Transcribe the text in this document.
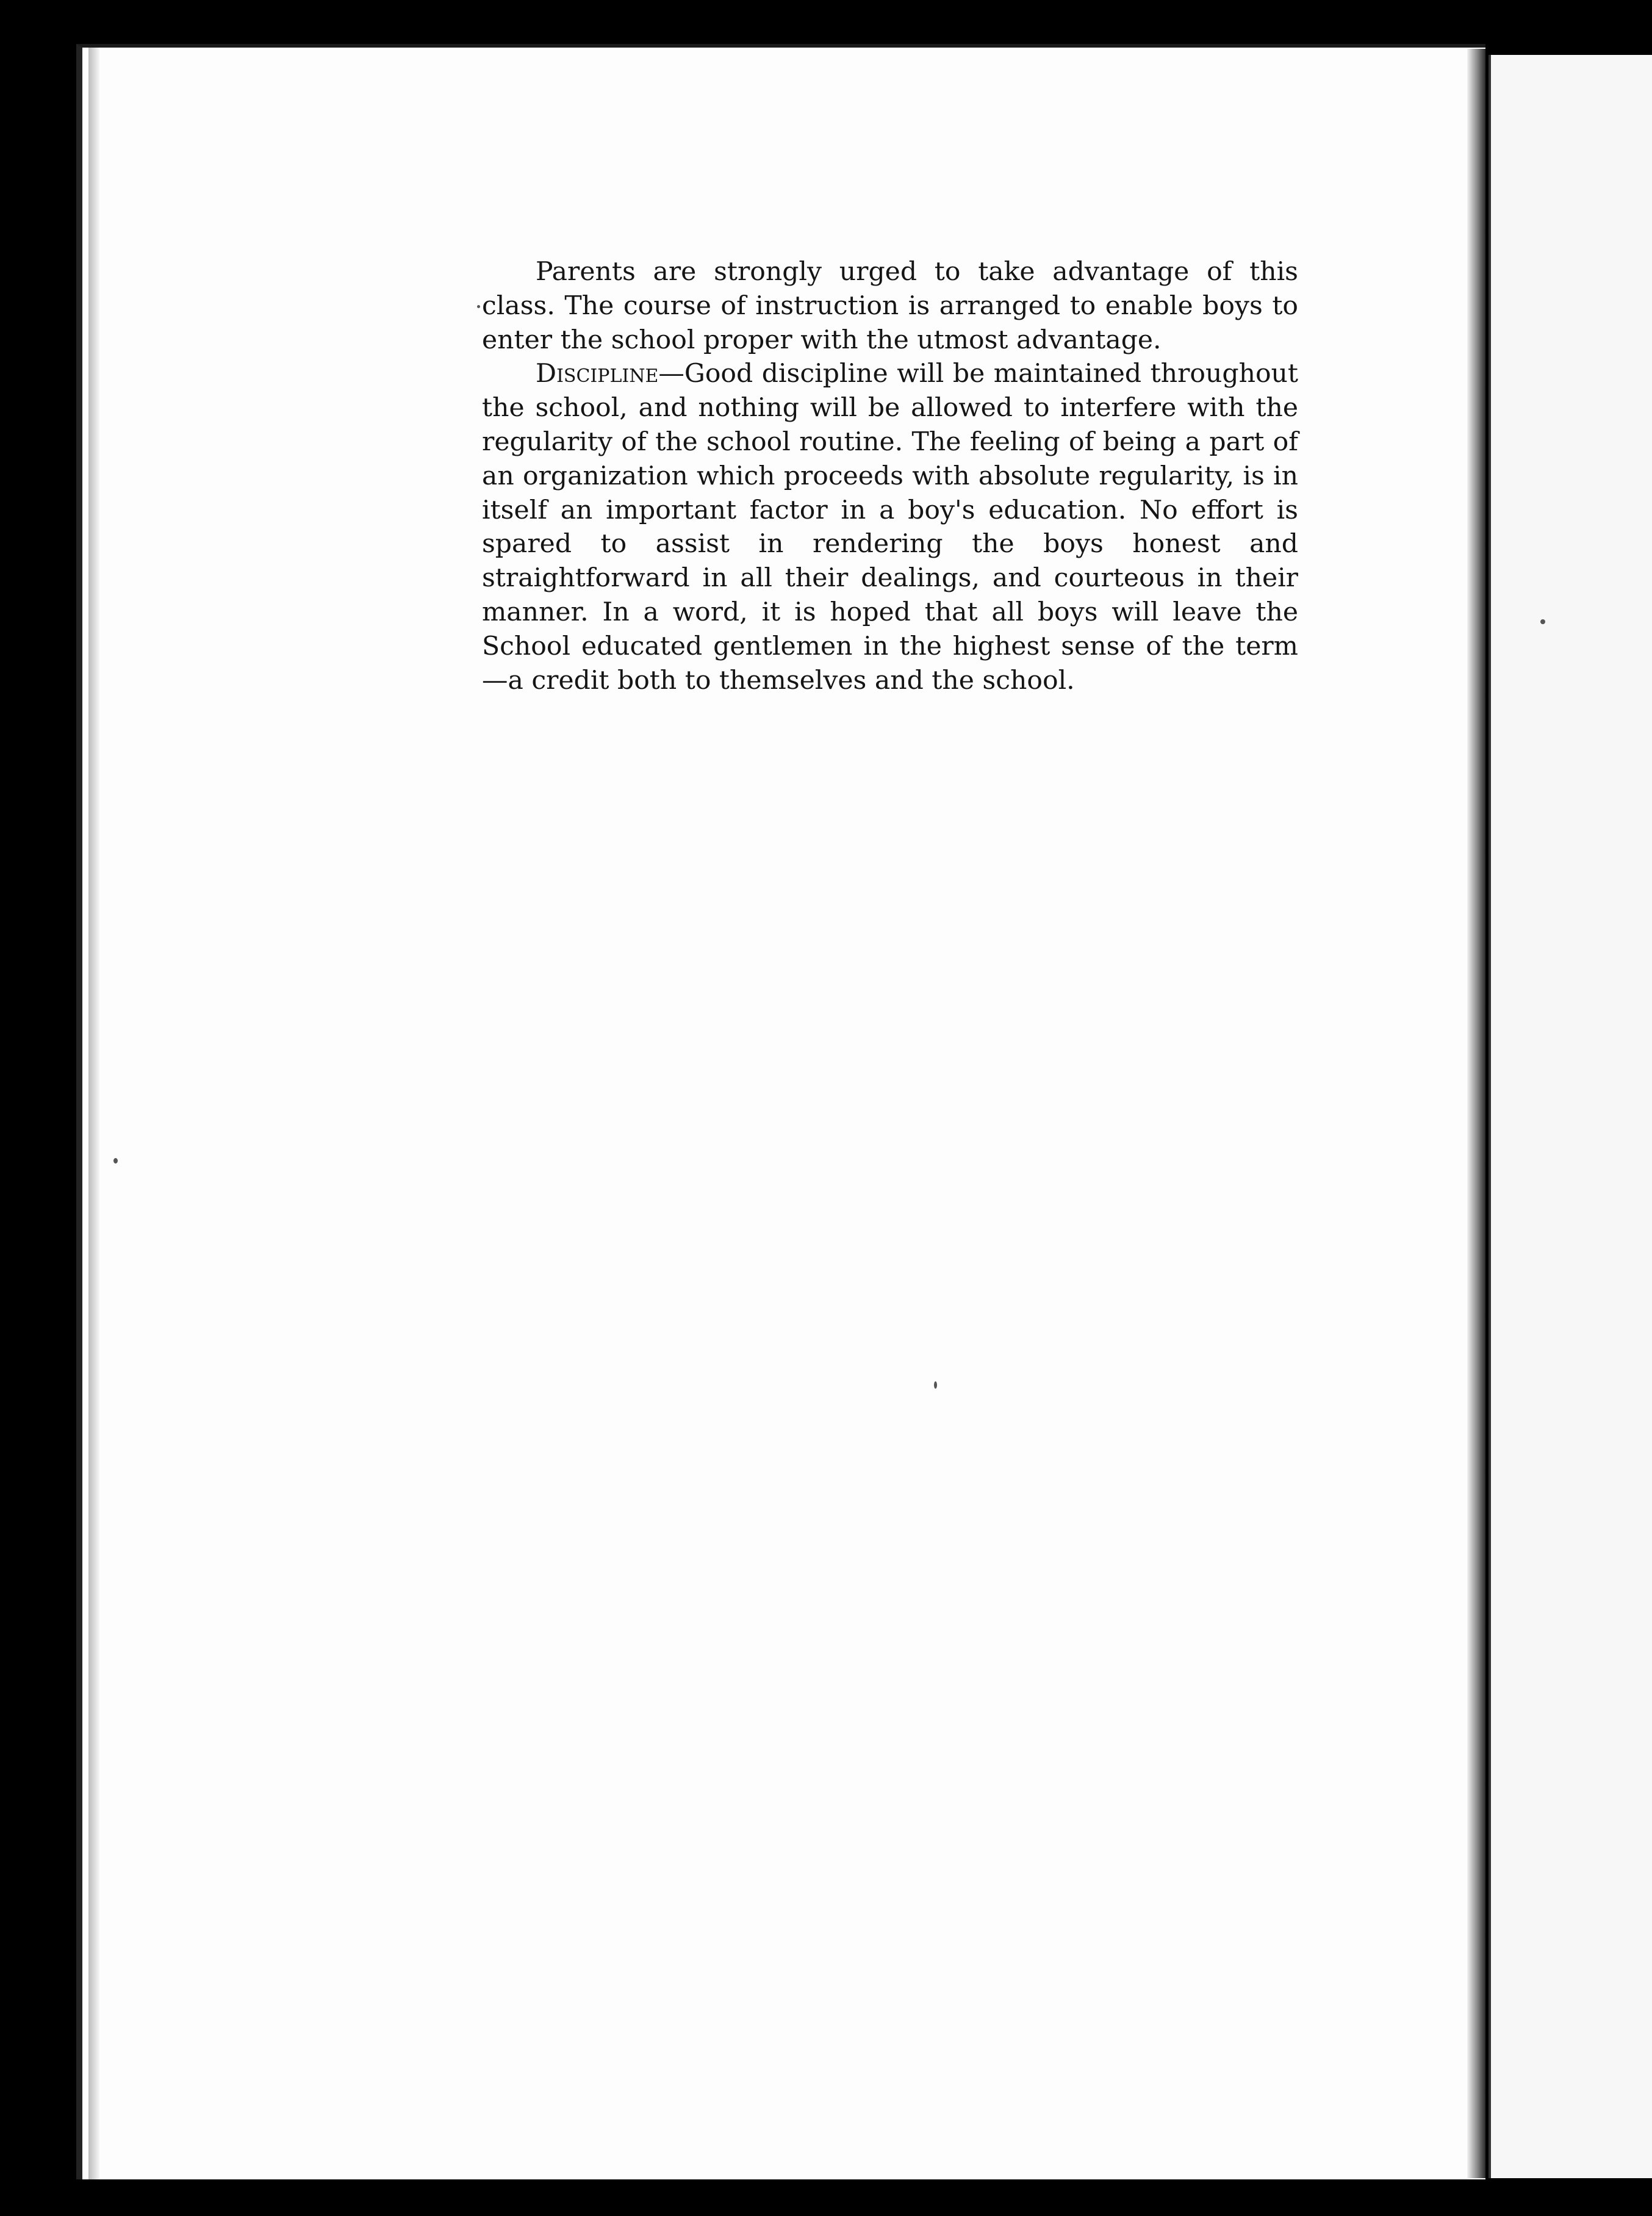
Parents are strongly urged to take advantage of this class. The course of instruction is arranged to enable boys to enter the school proper with the utmost advantage.

Discipline—Good discipline will be maintained throughout the school, and nothing will be allowed to interfere with the regularity of the school routine. The feeling of being a part of an organization which proceeds with absolute regularity, is in itself an important factor in a boy's education. No effort is spared to assist in rendering the boys honest and straightforward in all their dealings, and courteous in their manner. In a word, it is hoped that all boys will leave the School educated gentlemen in the highest sense of the term—a credit both to themselves and the school.
